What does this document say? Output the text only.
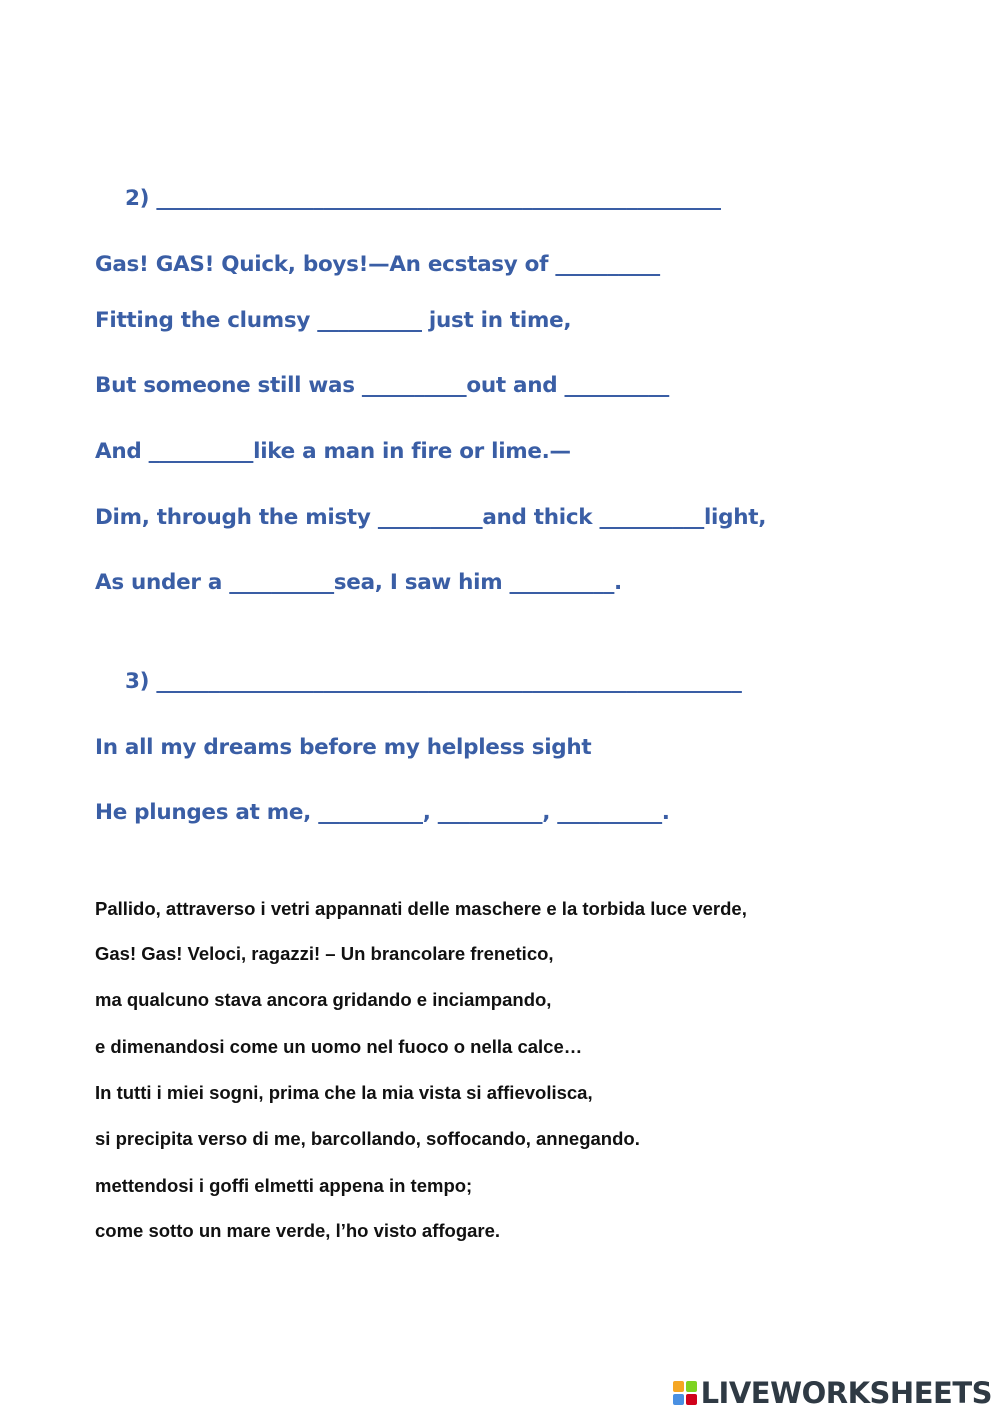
2) ______________________________________________________
Gas! GAS! Quick, boys!—An ecstasy of __________
Fitting the clumsy __________ just in time,
But someone still was __________out and __________
And __________like a man in fire or lime.—
Dim, through the misty __________and thick __________light,
As under a __________sea, I saw him __________.
3) ________________________________________________________
In all my dreams before my helpless sight
He plunges at me, __________, __________, __________.
Pallido, attraverso i vetri appannati delle maschere e la torbida luce verde,
Gas! Gas! Veloci, ragazzi! – Un brancolare frenetico,
ma qualcuno stava ancora gridando e inciampando,
e dimenandosi come un uomo nel fuoco o nella calce…
In tutti i miei sogni, prima che la mia vista si affievolisca,
si precipita verso di me, barcollando, soffocando, annegando.
mettendosi i goffi elmetti appena in tempo;
come sotto un mare verde, l’ho visto affogare.
LIVEWORKSHEETS
